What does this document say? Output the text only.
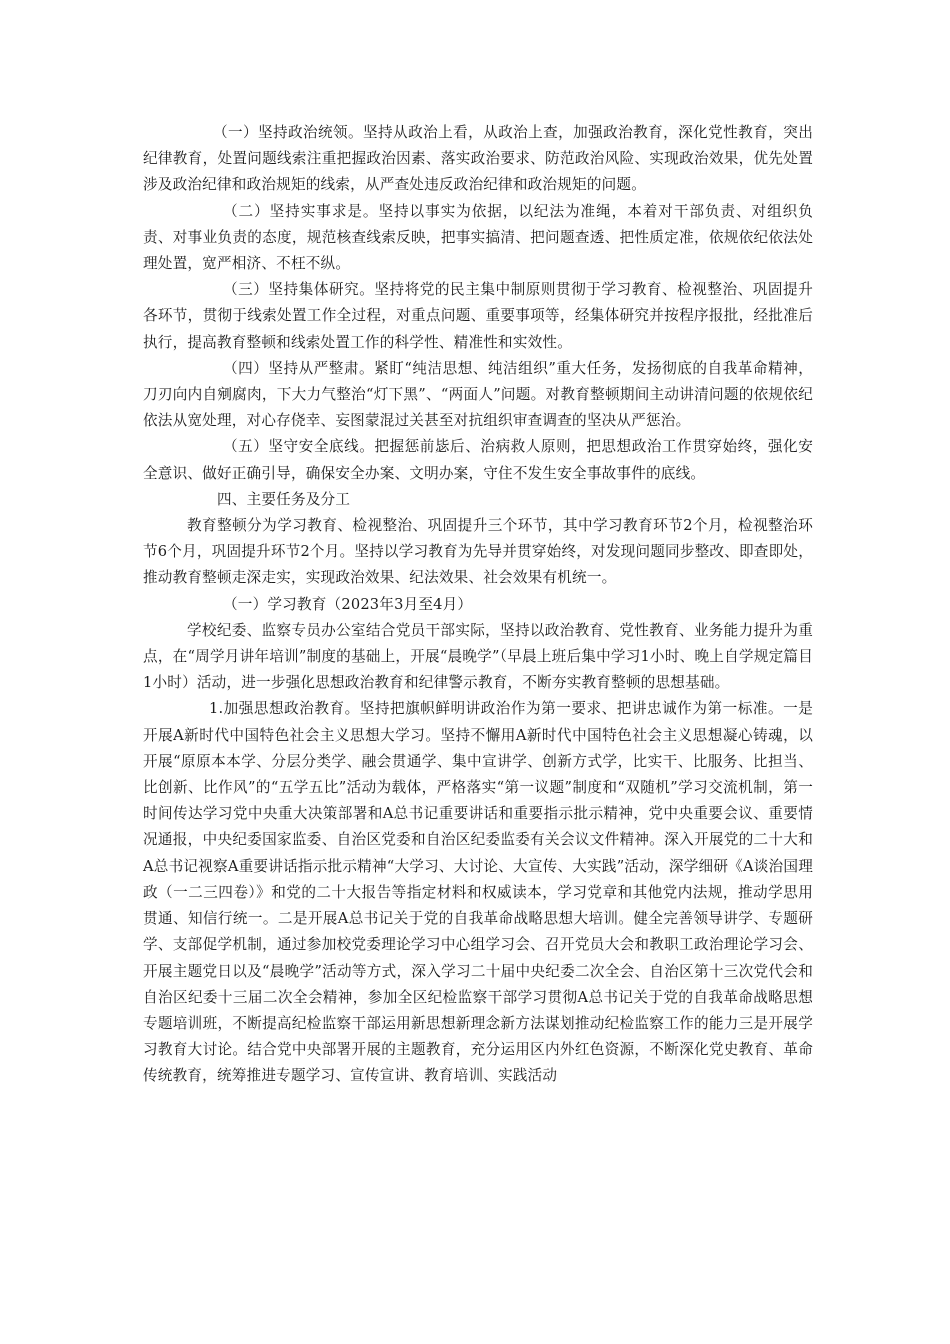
（一）坚持政治统领。坚持从政治上看，从政治上查，加强政治教育，深化党性教育，突出纪律教育，处置问题线索注重把握政治因素、落实政治要求、防范政治风险、实现政治效果，优先处置涉及政治纪律和政治规矩的线索，从严查处违反政治纪律和政治规矩的问题。

（二）坚持实事求是。坚持以事实为依据，以纪法为准绳，本着对干部负责、对组织负责、对事业负责的态度，规范核查线索反映，把事实搞清、把问题查透、把性质定准，依规依纪依法处理处置，宽严相济、不枉不纵。

（三）坚持集体研究。坚持将党的民主集中制原则贯彻于学习教育、检视整治、巩固提升各环节，贯彻于线索处置工作全过程，对重点问题、重要事项等，经集体研究并按程序报批，经批准后执行，提高教育整顿和线索处置工作的科学性、精准性和实效性。

（四）坚持从严整肃。紧盯“纯洁思想、纯洁组织”重大任务，发扬彻底的自我革命精神，刀刃向内自剜腐肉，下大力气整治“灯下黑”、“两面人”问题。对教育整顿期间主动讲清问题的依规依纪依法从宽处理，对心存侥幸、妄图蒙混过关甚至对抗组织审查调查的坚决从严惩治。

（五）坚守安全底线。把握惩前毖后、治病救人原则，把思想政治工作贯穿始终，强化安全意识、做好正确引导，确保安全办案、文明办案，守住不发生安全事故事件的底线。

四、主要任务及分工

教育整顿分为学习教育、检视整治、巩固提升三个环节，其中学习教育环节2个月，检视整治环节6个月，巩固提升环节2个月。坚持以学习教育为先导并贯穿始终，对发现问题同步整改、即查即处，推动教育整顿走深走实，实现政治效果、纪法效果、社会效果有机统一。

（一）学习教育（2023年3月至4月）

学校纪委、监察专员办公室结合党员干部实际，坚持以政治教育、党性教育、业务能力提升为重点，在“周学月讲年培训”制度的基础上，开展“晨晚学”（早晨上班后集中学习1小时、晚上自学规定篇目1小时）活动，进一步强化思想政治教育和纪律警示教育，不断夯实教育整顿的思想基础。

1.加强思想政治教育。坚持把旗帜鲜明讲政治作为第一要求、把讲忠诚作为第一标准。一是开展A新时代中国特色社会主义思想大学习。坚持不懈用A新时代中国特色社会主义思想凝心铸魂，以开展“原原本本学、分层分类学、融会贯通学、集中宣讲学、创新方式学，比实干、比服务、比担当、比创新、比作风”的“五学五比”活动为载体，严格落实“第一议题”制度和“双随机”学习交流机制，第一时间传达学习党中央重大决策部署和A总书记重要讲话和重要指示批示精神，党中央重要会议、重要情况通报，中央纪委国家监委、自治区党委和自治区纪委监委有关会议文件精神。深入开展党的二十大和A总书记视察A重要讲话指示批示精神“大学习、大讨论、大宣传、大实践”活动，深学细研《A谈治国理政（一二三四卷）》和党的二十大报告等指定材料和权威读本，学习党章和其他党内法规，推动学思用贯通、知信行统一。二是开展A总书记关于党的自我革命战略思想大培训。健全完善领导讲学、专题研学、支部促学机制，通过参加校党委理论学习中心组学习会、召开党员大会和教职工政治理论学习会、开展主题党日以及“晨晚学”活动等方式，深入学习二十届中央纪委二次全会、自治区第十三次党代会和自治区纪委十三届二次全会精神，参加全区纪检监察干部学习贯彻A总书记关于党的自我革命战略思想专题培训班，不断提高纪检监察干部运用新思想新理念新方法谋划推动纪检监察工作的能力三是开展学习教育大讨论。结合党中央部署开展的主题教育，充分运用区内外红色资源，不断深化党史教育、革命传统教育，统筹推进专题学习、宣传宣讲、教育培训、实践活动
